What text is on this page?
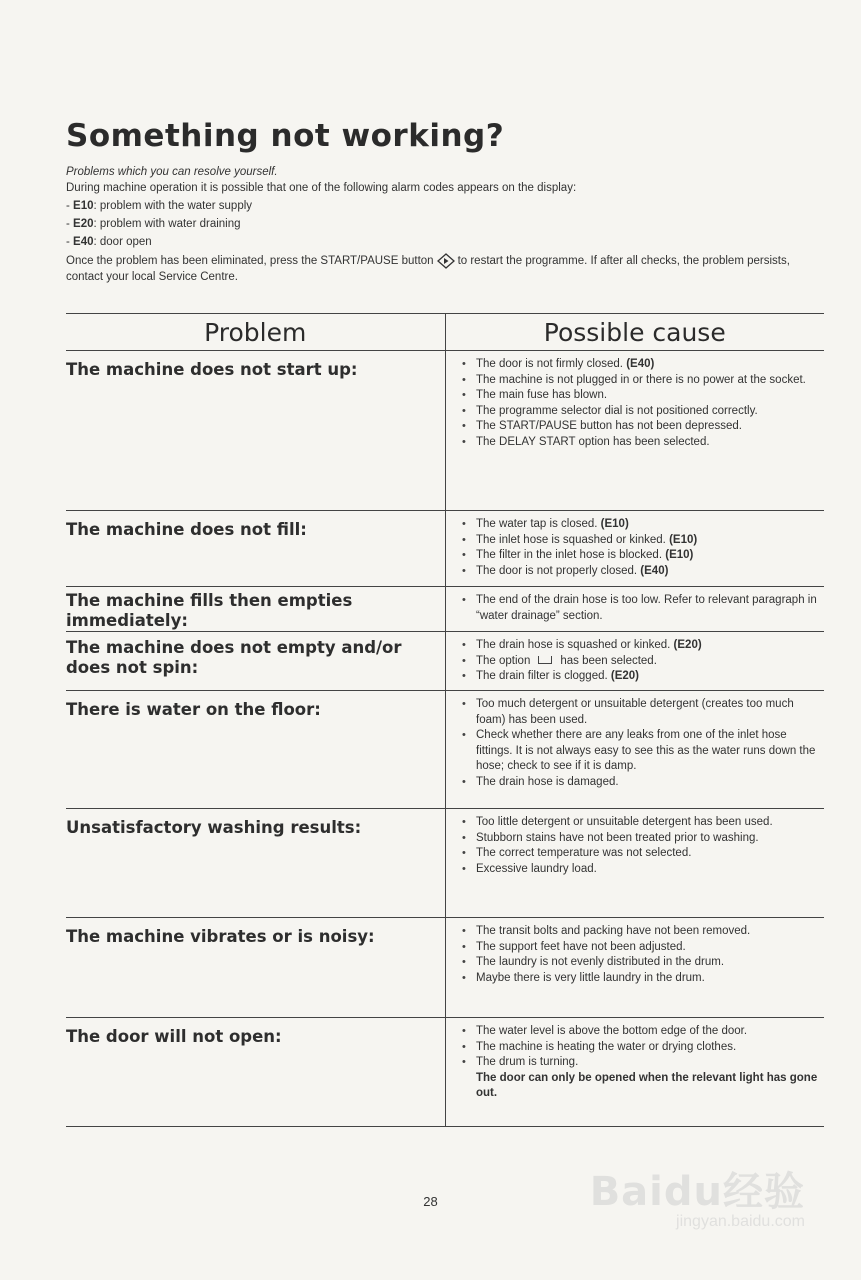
Something not working?

Problems which you can resolve yourself.

During machine operation it is possible that one of the following alarm codes appears on the display:

- E10: problem with the water supply

- E20: problem with water draining

- E40: door open

Once the problem has been eliminated, press the START/PAUSE button to restart the programme. If after all checks, the problem persists, contact your local Service Centre.

Problem	Possible cause
The machine does not start up:	• The door is not firmly closed. (E40)
• The machine is not plugged in or there is no power at the socket.
• The main fuse has blown.
• The programme selector dial is not positioned correctly.
• The START/PAUSE button has not been depressed.
• The DELAY START option has been selected.
The machine does not fill:	• The water tap is closed. (E10)
• The inlet hose is squashed or kinked. (E10)
• The filter in the inlet hose is blocked. (E10)
• The door is not properly closed. (E40)
The machine fills then empties immediately:
• The end of the drain hose is too low. Refer to relevant paragraph in “water drainage” section.
The machine does not empty and/or does not spin:
• The drain hose is squashed or kinked. (E20)
• The option	has been selected.
• The drain filter is clogged. (E20)
There is water on the floor:	• Too much detergent or unsuitable detergent (creates too much foam) has been used.
• Check whether there are any leaks from one of the inlet hose fittings. It is not always easy to see this as the water runs down the hose; check to see if it is damp.
• The drain hose is damaged.
Unsatisfactory washing results:	• Too little detergent or unsuitable detergent has been used.
• Stubborn stains have not been treated prior to washing.
• The correct temperature was not selected.
• Excessive laundry load.
The machine vibrates or is noisy:	• The transit bolts and packing have not been removed.
• The support feet have not been adjusted.
• The laundry is not evenly distributed in the drum.
• Maybe there is very little laundry in the drum.
The door will not open:	• The water level is above the bottom edge of the door.
• The machine is heating the water or drying clothes.
• The drum is turning.
The door can only be opened when the relevant light has gone out.
28	Baidu经验
jingyan.baidu.com
